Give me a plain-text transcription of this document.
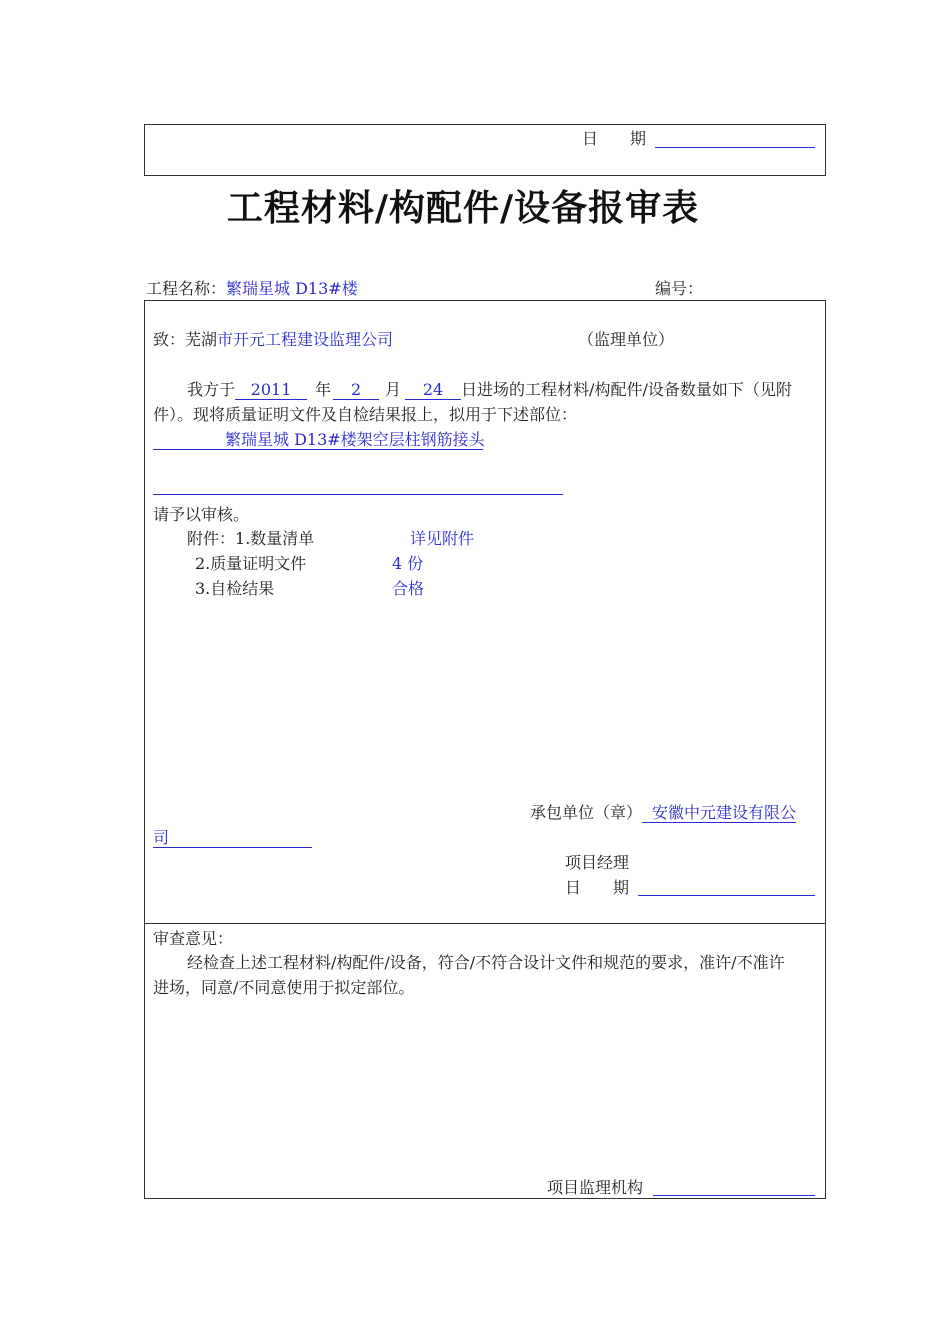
日　　期
工程材料/构配件/设备报审表
工程名称：繁瑞星城 D13#楼	编号：
致：芜湖市开元工程建设监理公司	（监理单位）
我方于 2011 年 2 月 24 日进场的工程材料/构配件/设备数量如下（见附
件）。现将质量证明文件及自检结果报上，拟用于下述部位：
繁瑞星城 D13#楼架空层柱钢筋接头
请予以审核。
附件：1.数量清单	详见附件
2.质量证明文件	4 份
3.自检结果	合格
承包单位（章） 安徽中元建设有限公
司
项目经理
日　　期
审查意见：
经检查上述工程材料/构配件/设备，符合/不符合设计文件和规范的要求，准许/不准许
进场，同意/不同意使用于拟定部位。
项目监理机构
